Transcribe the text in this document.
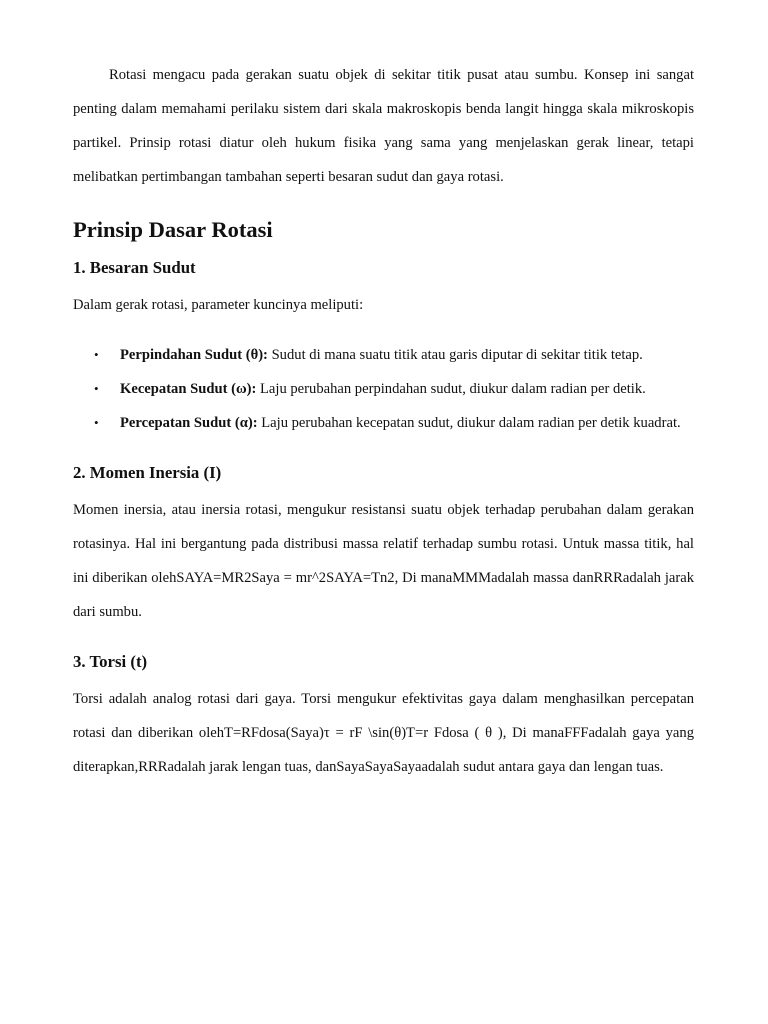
Rotasi mengacu pada gerakan suatu objek di sekitar titik pusat atau sumbu. Konsep ini sangat penting dalam memahami perilaku sistem dari skala makroskopis benda langit hingga skala mikroskopis partikel. Prinsip rotasi diatur oleh hukum fisika yang sama yang menjelaskan gerak linear, tetapi melibatkan pertimbangan tambahan seperti besaran sudut dan gaya rotasi.

Prinsip Dasar Rotasi
1. Besaran Sudut

Dalam gerak rotasi, parameter kuncinya meliputi:

• Perpindahan Sudut (θ): Sudut di mana suatu titik atau garis diputar di sekitar titik tetap.
• Kecepatan Sudut (ω): Laju perubahan perpindahan sudut, diukur dalam radian per detik.
• Percepatan Sudut (α): Laju perubahan kecepatan sudut, diukur dalam radian per detik kuadrat.
2. Momen Inersia (I)

Momen inersia, atau inersia rotasi, mengukur resistansi suatu objek terhadap perubahan dalam gerakan rotasinya. Hal ini bergantung pada distribusi massa relatif terhadap sumbu rotasi. Untuk massa titik, hal ini diberikan olehSAYA=MR2Saya = mr^2SAYA=Tn2, Di manaMMMadalah massa danRRRadalah jarak dari sumbu.

3. Torsi (t)

Torsi adalah analog rotasi dari gaya. Torsi mengukur efektivitas gaya dalam menghasilkan percepatan rotasi dan diberikan olehT=RFdosa(Saya)τ = rF \sin(θ)T=r Fdosa ( θ ), Di manaFFFadalah gaya yang diterapkan,RRRadalah jarak lengan tuas, danSayaSayaSayaadalah sudut antara gaya dan lengan tuas.
